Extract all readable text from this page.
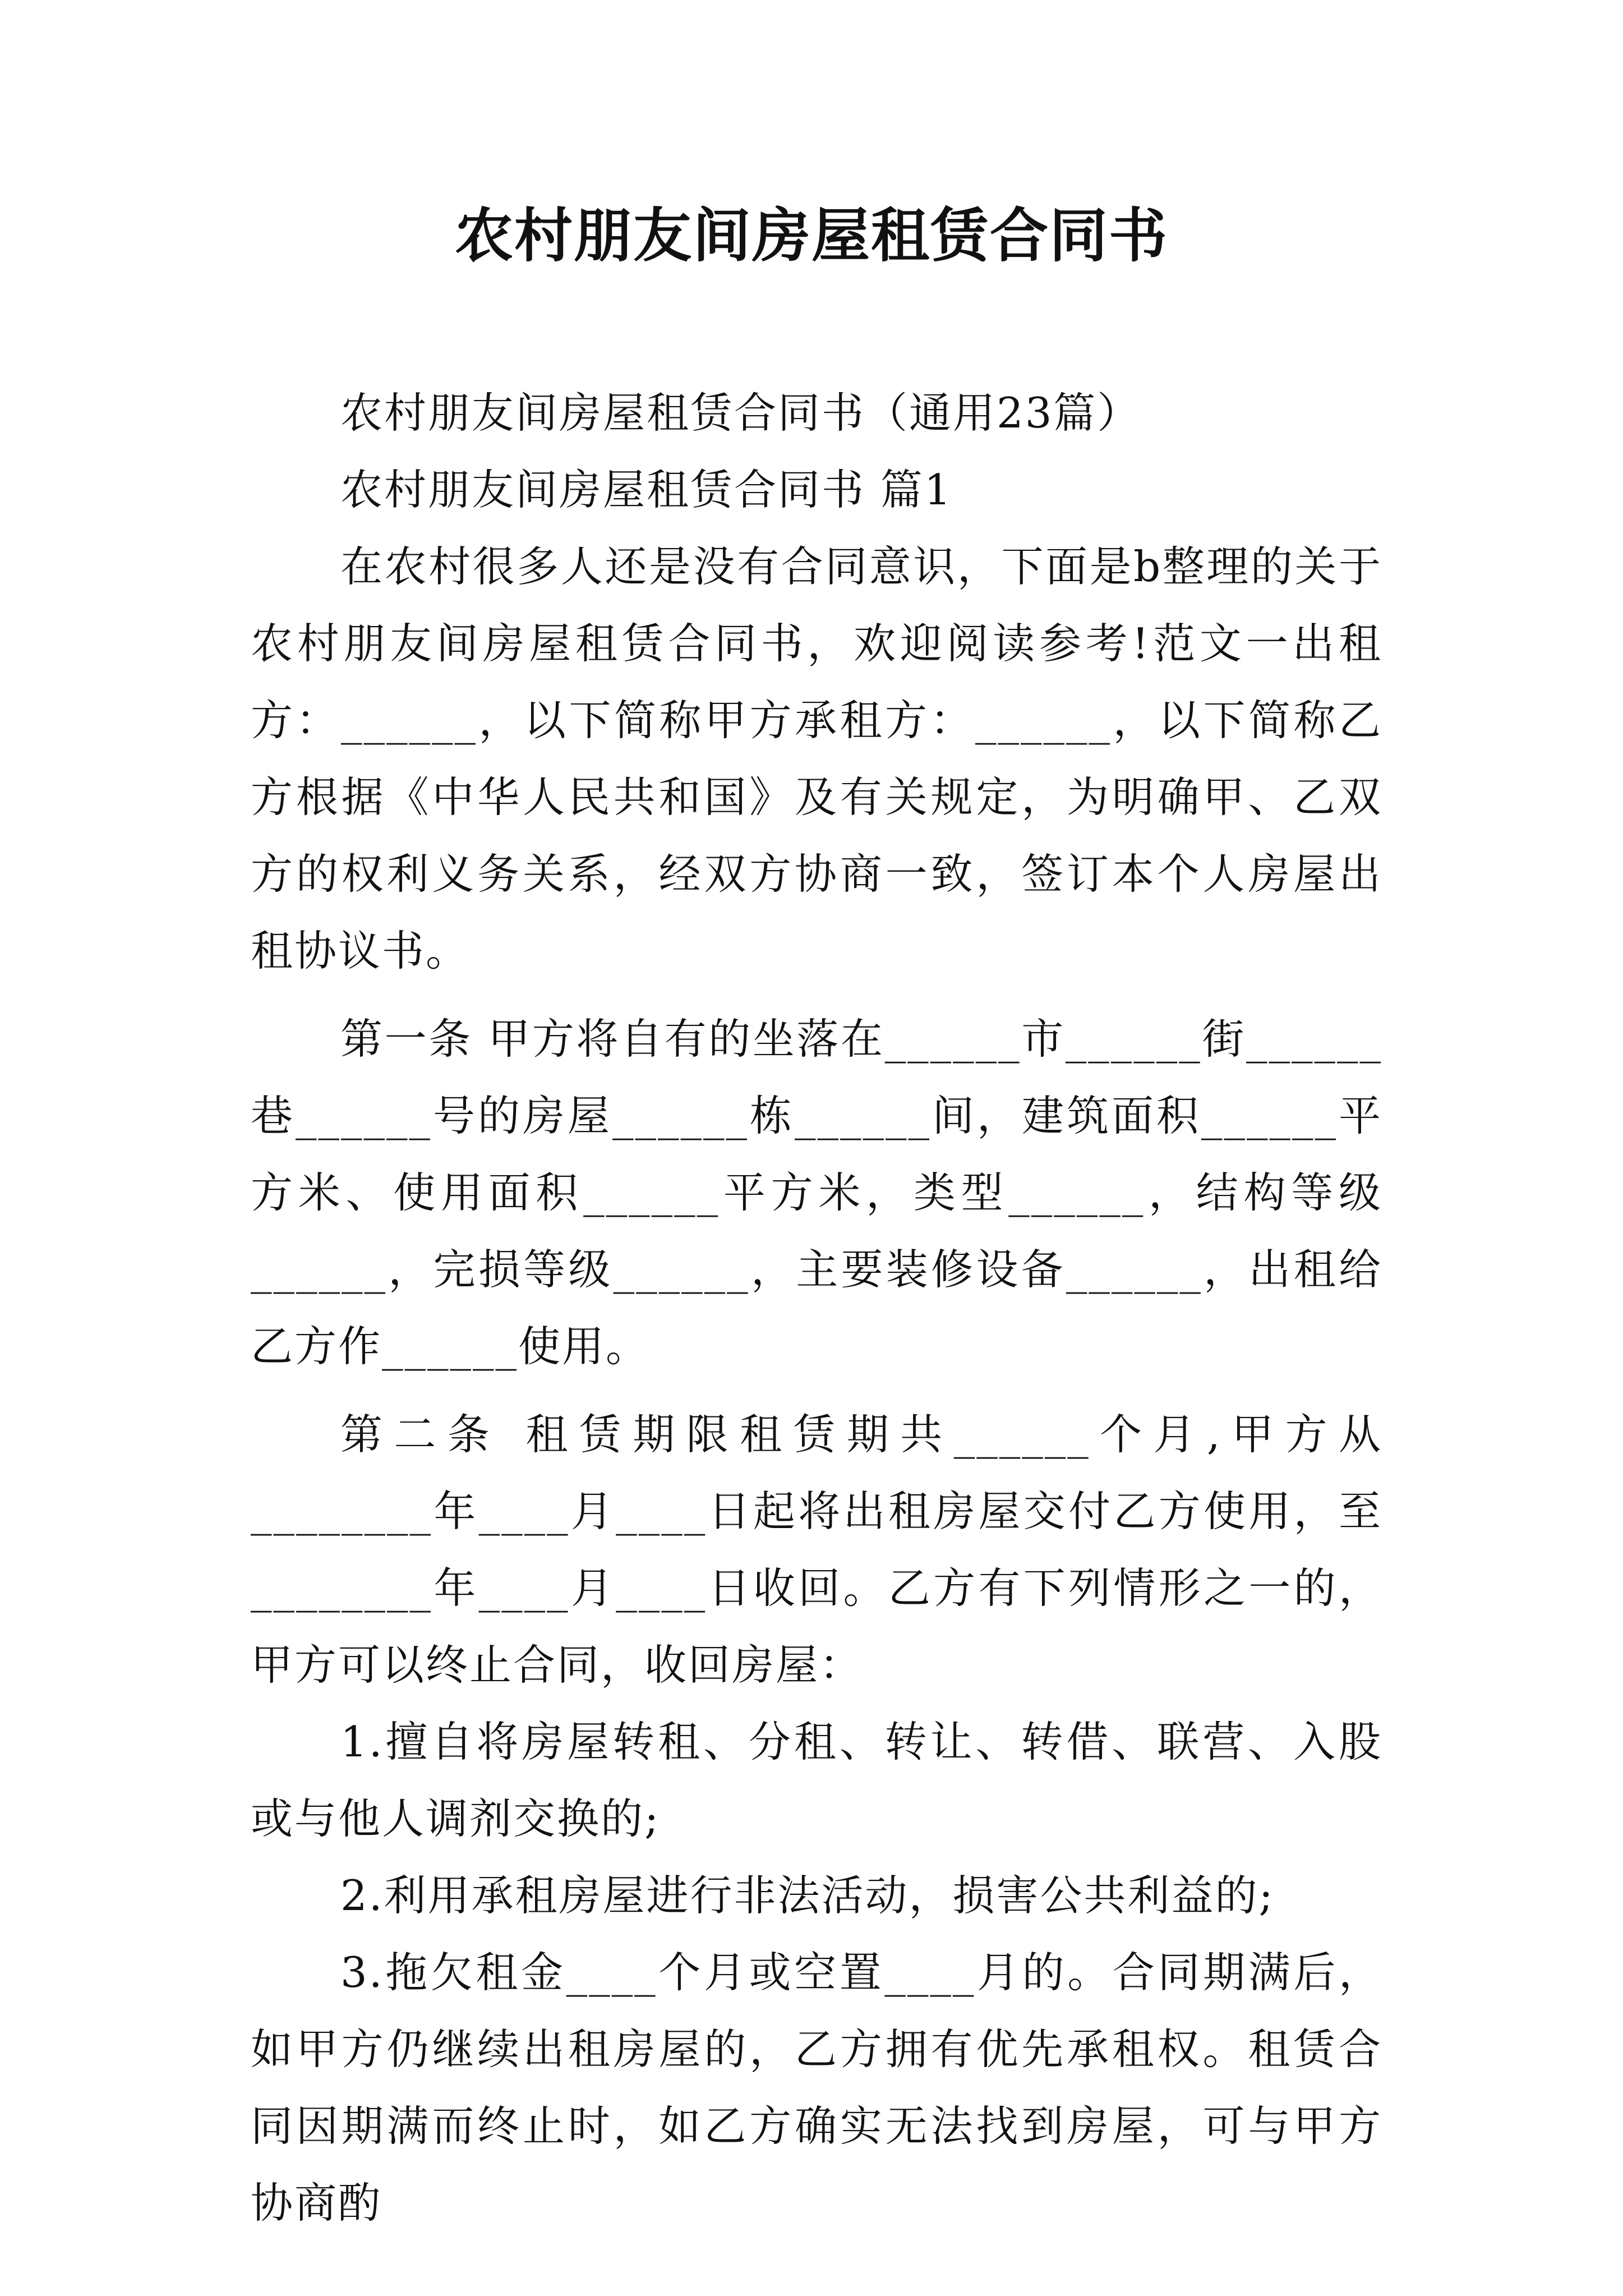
农村朋友间房屋租赁合同书

农村朋友间房屋租赁合同书（通用23篇）

农村朋友间房屋租赁合同书 篇1

在农村很多人还是没有合同意识，下面是b整理的关于农村朋友间房屋租赁合同书，欢迎阅读参考!范文一出租方：______，以下简称甲方承租方：______，以下简称乙方根据《中华人民共和国》及有关规定，为明确甲、乙双方的权利义务关系，经双方协商一致，签订本个人房屋出租协议书。

第一条 甲方将自有的坐落在______市______街______巷______号的房屋______栋______间，建筑面积______平方米、使用面积______平方米，类型______，结构等级______，完损等级______，主要装修设备______，出租给乙方作______使用。

第二条 租赁期限租赁期共______个月,甲方从________年____月____日起将出租房屋交付乙方使用，至________年____月____日收回。乙方有下列情形之一的，甲方可以终止合同，收回房屋：

1.擅自将房屋转租、分租、转让、转借、联营、入股或与他人调剂交换的;

2.利用承租房屋进行非法活动，损害公共利益的;

3.拖欠租金____个月或空置____月的。合同期满后，如甲方仍继续出租房屋的，乙方拥有优先承租权。租赁合同因期满而终止时，如乙方确实无法找到房屋，可与甲方协商酌
